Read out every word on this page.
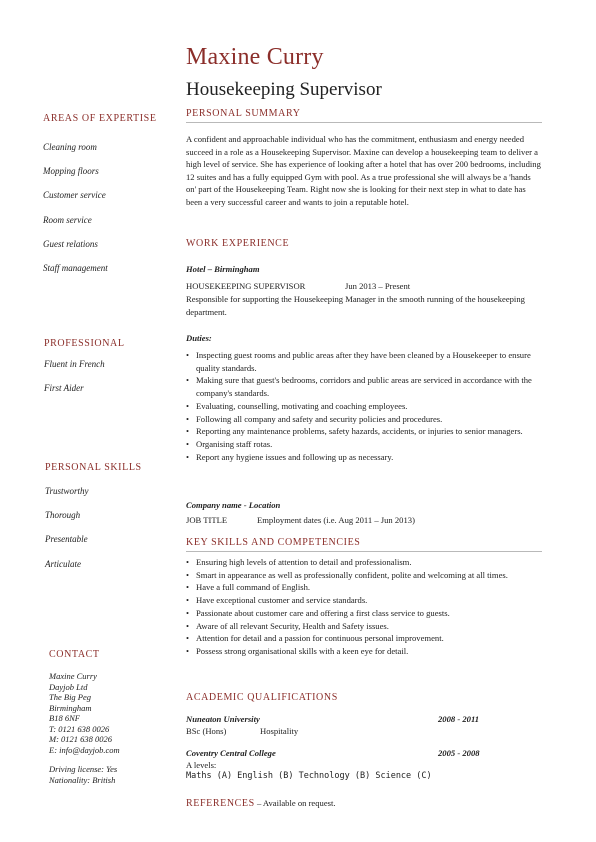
Maxine Curry
Housekeeping Supervisor
AREAS OF EXPERTISE
Cleaning room
Mopping floors
Customer service
Room service
Guest relations
Staff management
PROFESSIONAL
Fluent in French
First Aider
PERSONAL SKILLS
Trustworthy
Thorough
Presentable
Articulate
CONTACT
Maxine Curry
Dayjob Ltd
The Big Peg
Birmingham
B18 6NF
T: 0121 638 0026
M: 0121 638 0026
E: info@dayjob.com
Driving license: Yes
Nationality: British
PERSONAL SUMMARY
A confident and approachable individual who has the commitment, enthusiasm and energy needed succeed in a role as a Housekeeping Supervisor. Maxine can develop a housekeeping team to deliver a high level of service. She has experience of looking after a hotel that has over 200 bedrooms, including 12 suites and has a fully equipped Gym with pool. As a true professional she will always be a 'hands on' part of the Housekeeping Team. Right now she is looking for their next step in what to date has been a very successful career and wants to join a reputable hotel.
WORK EXPERIENCE
Hotel – Birmingham
HOUSEKEEPING SUPERVISOR	Jun 2013 – Present
Responsible for supporting the Housekeeping Manager in the smooth running of the housekeeping department.
Duties:
• Inspecting guest rooms and public areas after they have been cleaned by a Housekeeper to ensure quality standards.
• Making sure that guest's bedrooms, corridors and public areas are serviced in accordance with the company's standards.
• Evaluating, counselling, motivating and coaching employees.
• Following all company and safety and security policies and procedures.
• Reporting any maintenance problems, safety hazards, accidents, or injuries to senior managers.
• Organising staff rotas.
• Report any hygiene issues and following up as necessary.
Company name - Location
JOB TITLE	Employment dates (i.e. Aug 2011 – Jun 2013)
KEY SKILLS AND COMPETENCIES
• Ensuring high levels of attention to detail and professionalism.
• Smart in appearance as well as professionally confident, polite and welcoming at all times.
• Have a full command of English.
• Have exceptional customer and service standards.
• Passionate about customer care and offering a first class service to guests.
• Aware of all relevant Security, Health and Safety issues.
• Attention for detail and a passion for continuous personal improvement.
• Possess strong organisational skills with a keen eye for detail.
ACADEMIC QUALIFICATIONS
Nuneaton University	2008 - 2011
BSc (Hons)	Hospitality
Coventry Central College	2005 - 2008
A levels:
Maths (A) English (B) Technology (B) Science (C)
REFERENCES – Available on request.
